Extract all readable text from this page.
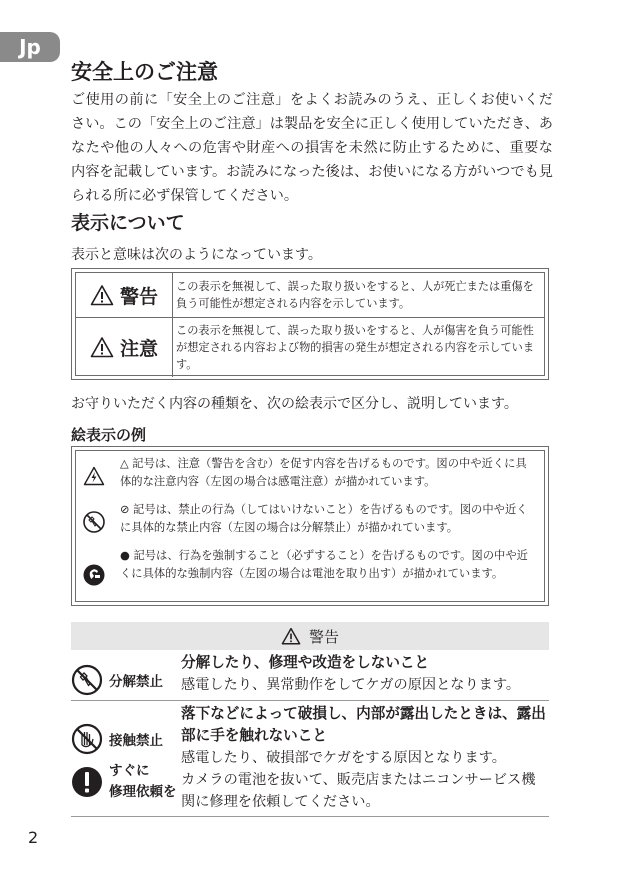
Jp
安全上のご注意

ご使用の前に「安全上のご注意」をよくお読みのうえ、正しくお使いください。この「安全上のご注意」は製品を安全に正しく使用していただき、あなたや他の人々への危害や財産への損害を未然に防止するために、重要な内容を記載しています。お読みになった後は、お使いになる方がいつでも見られる所に必ず保管してください。

表示について

表示と意味は次のようになっています。

警告 この表示を無視して、誤った取り扱いをすると、人が死亡または重傷を負う可能性が想定される内容を示しています。
注意
この表示を無視して、誤った取り扱いをすると、人が傷害を負う可能性が想定される内容および物的損害の発生が想定される内容を示しています。

お守りいただく内容の種類を、次の絵表示で区分し、説明しています。

絵表示の例
△ 記号は、注意（警告を含む）を促す内容を告げるものです。図の中や近くに具体的な注意内容（左図の場合は感電注意）が描かれています。
⊘ 記号は、禁止の行為（してはいけないこと）を告げるものです。図の中や近くに具体的な禁止内容（左図の場合は分解禁止）が描かれています。
● 記号は、行為を強制すること（必ずすること）を告げるものです。図の中や近くに具体的な強制内容（左図の場合は電池を取り出す）が描かれています。
警告
分解禁止
分解したり、修理や改造をしないこと
感電したり、異常動作をしてケガの原因となります。
接触禁止
すぐに
修理依頼を
落下などによって破損し、内部が露出したときは、露出部に手を触れないこと
感電したり、破損部でケガをする原因となります。
カメラの電池を抜いて、販売店またはニコンサービス機関に修理を依頼してください。
2
